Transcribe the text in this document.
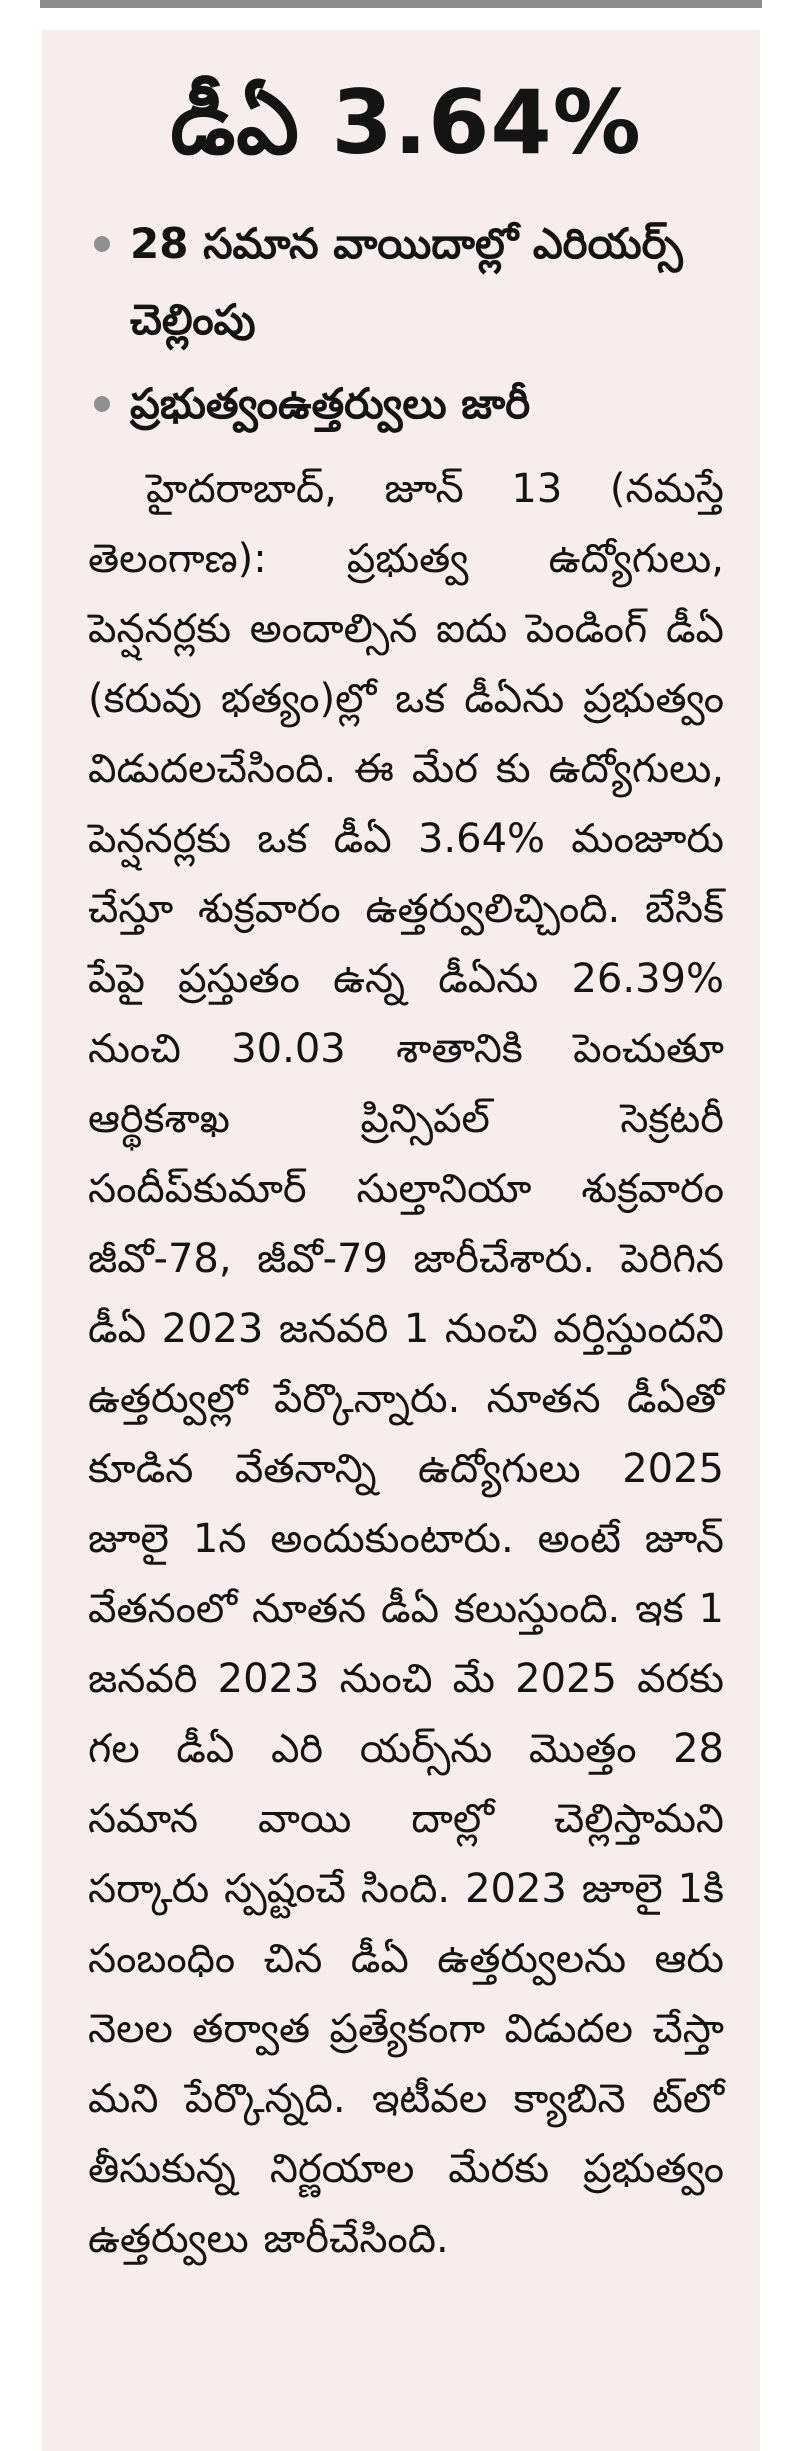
డీఏ 3.64%
28 సమాన వాయిదాల్లో ఎరియర్స్ చెల్లింపు
ప్రభుత్వంఉత్తర్వులు జారీ

హైదరాబాద్, జూన్ 13 (నమస్తే తెలంగాణ): ప్రభుత్వ ఉద్యోగులు, పెన్షనర్లకు అందాల్సిన ఐదు పెండింగ్ డీఏ (కరువు భత్యం)ల్లో ఒక డీఏను ప్రభుత్వం విడుదలచేసింది. ఈ మేర కు ఉద్యోగులు, పెన్షనర్లకు ఒక డీఏ 3.64% మంజూరు చేస్తూ శుక్రవారం ఉత్తర్వులిచ్చింది. బేసిక్ పేపై ప్రస్తుతం ఉన్న డీఏను 26.39% నుంచి 30.03 శాతానికి పెంచుతూ ఆర్థికశాఖ ప్రిన్సిపల్ సెక్రటరీ సందీప్‌కుమార్ సుల్తానియా శుక్రవారం జీవో-78, జీవో-79 జారీచేశారు. పెరిగిన డీఏ 2023 జనవరి 1 నుంచి వర్తిస్తుందని ఉత్తర్వుల్లో పేర్కొన్నారు. నూతన డీఏతో కూడిన వేతనాన్ని ఉద్యోగులు 2025 జూలై 1న అందుకుంటారు. అంటే జూన్ వేతనంలో నూతన డీఏ కలుస్తుంది. ఇక 1 జనవరి 2023 నుంచి మే 2025 వరకు గల డీఏ ఎరి యర్స్‌ను మొత్తం 28 సమాన వాయి దాల్లో చెల్లిస్తామని సర్కారు స్పష్టంచే సింది. 2023 జూలై 1కి సంబంధిం చిన డీఏ ఉత్తర్వులను ఆరు నెలల తర్వాత ప్రత్యేకంగా విడుదల చేస్తా మని పేర్కొన్నది. ఇటీవల క్యాబినె ట్‌లో తీసుకున్న నిర్ణయాల మేరకు ప్రభుత్వం ఉత్తర్వులు జారీచేసింది.
